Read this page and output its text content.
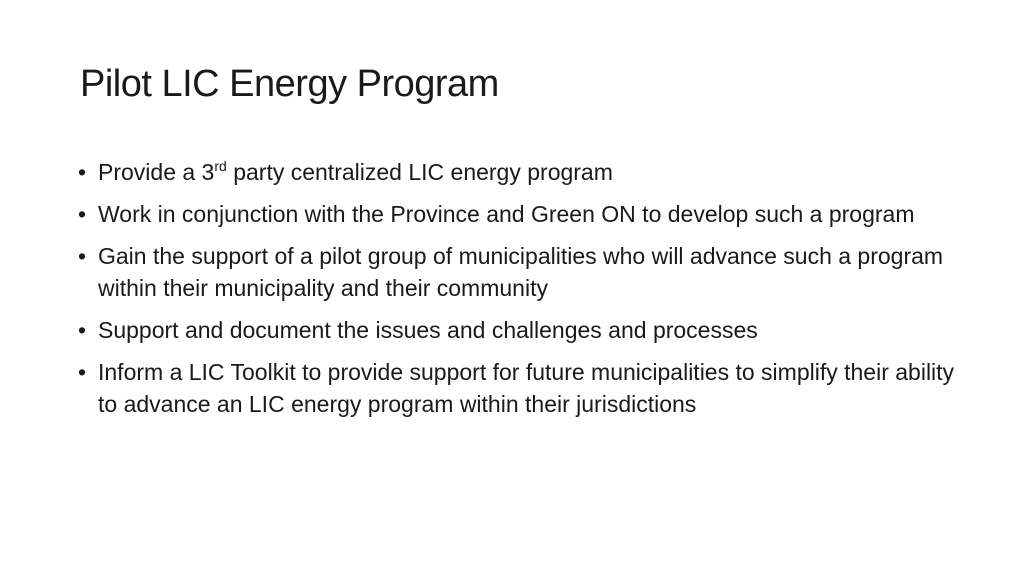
Pilot LIC Energy Program
• Provide a 3rd party centralized LIC energy program
• Work in conjunction with the Province and Green ON to develop such a program
• Gain the support of a pilot group of municipalities who will advance such a program within their municipality and their community
• Support and document the issues and challenges and processes
• Inform a LIC Toolkit to provide support for future municipalities to simplify their ability to advance an LIC energy program within their jurisdictions
